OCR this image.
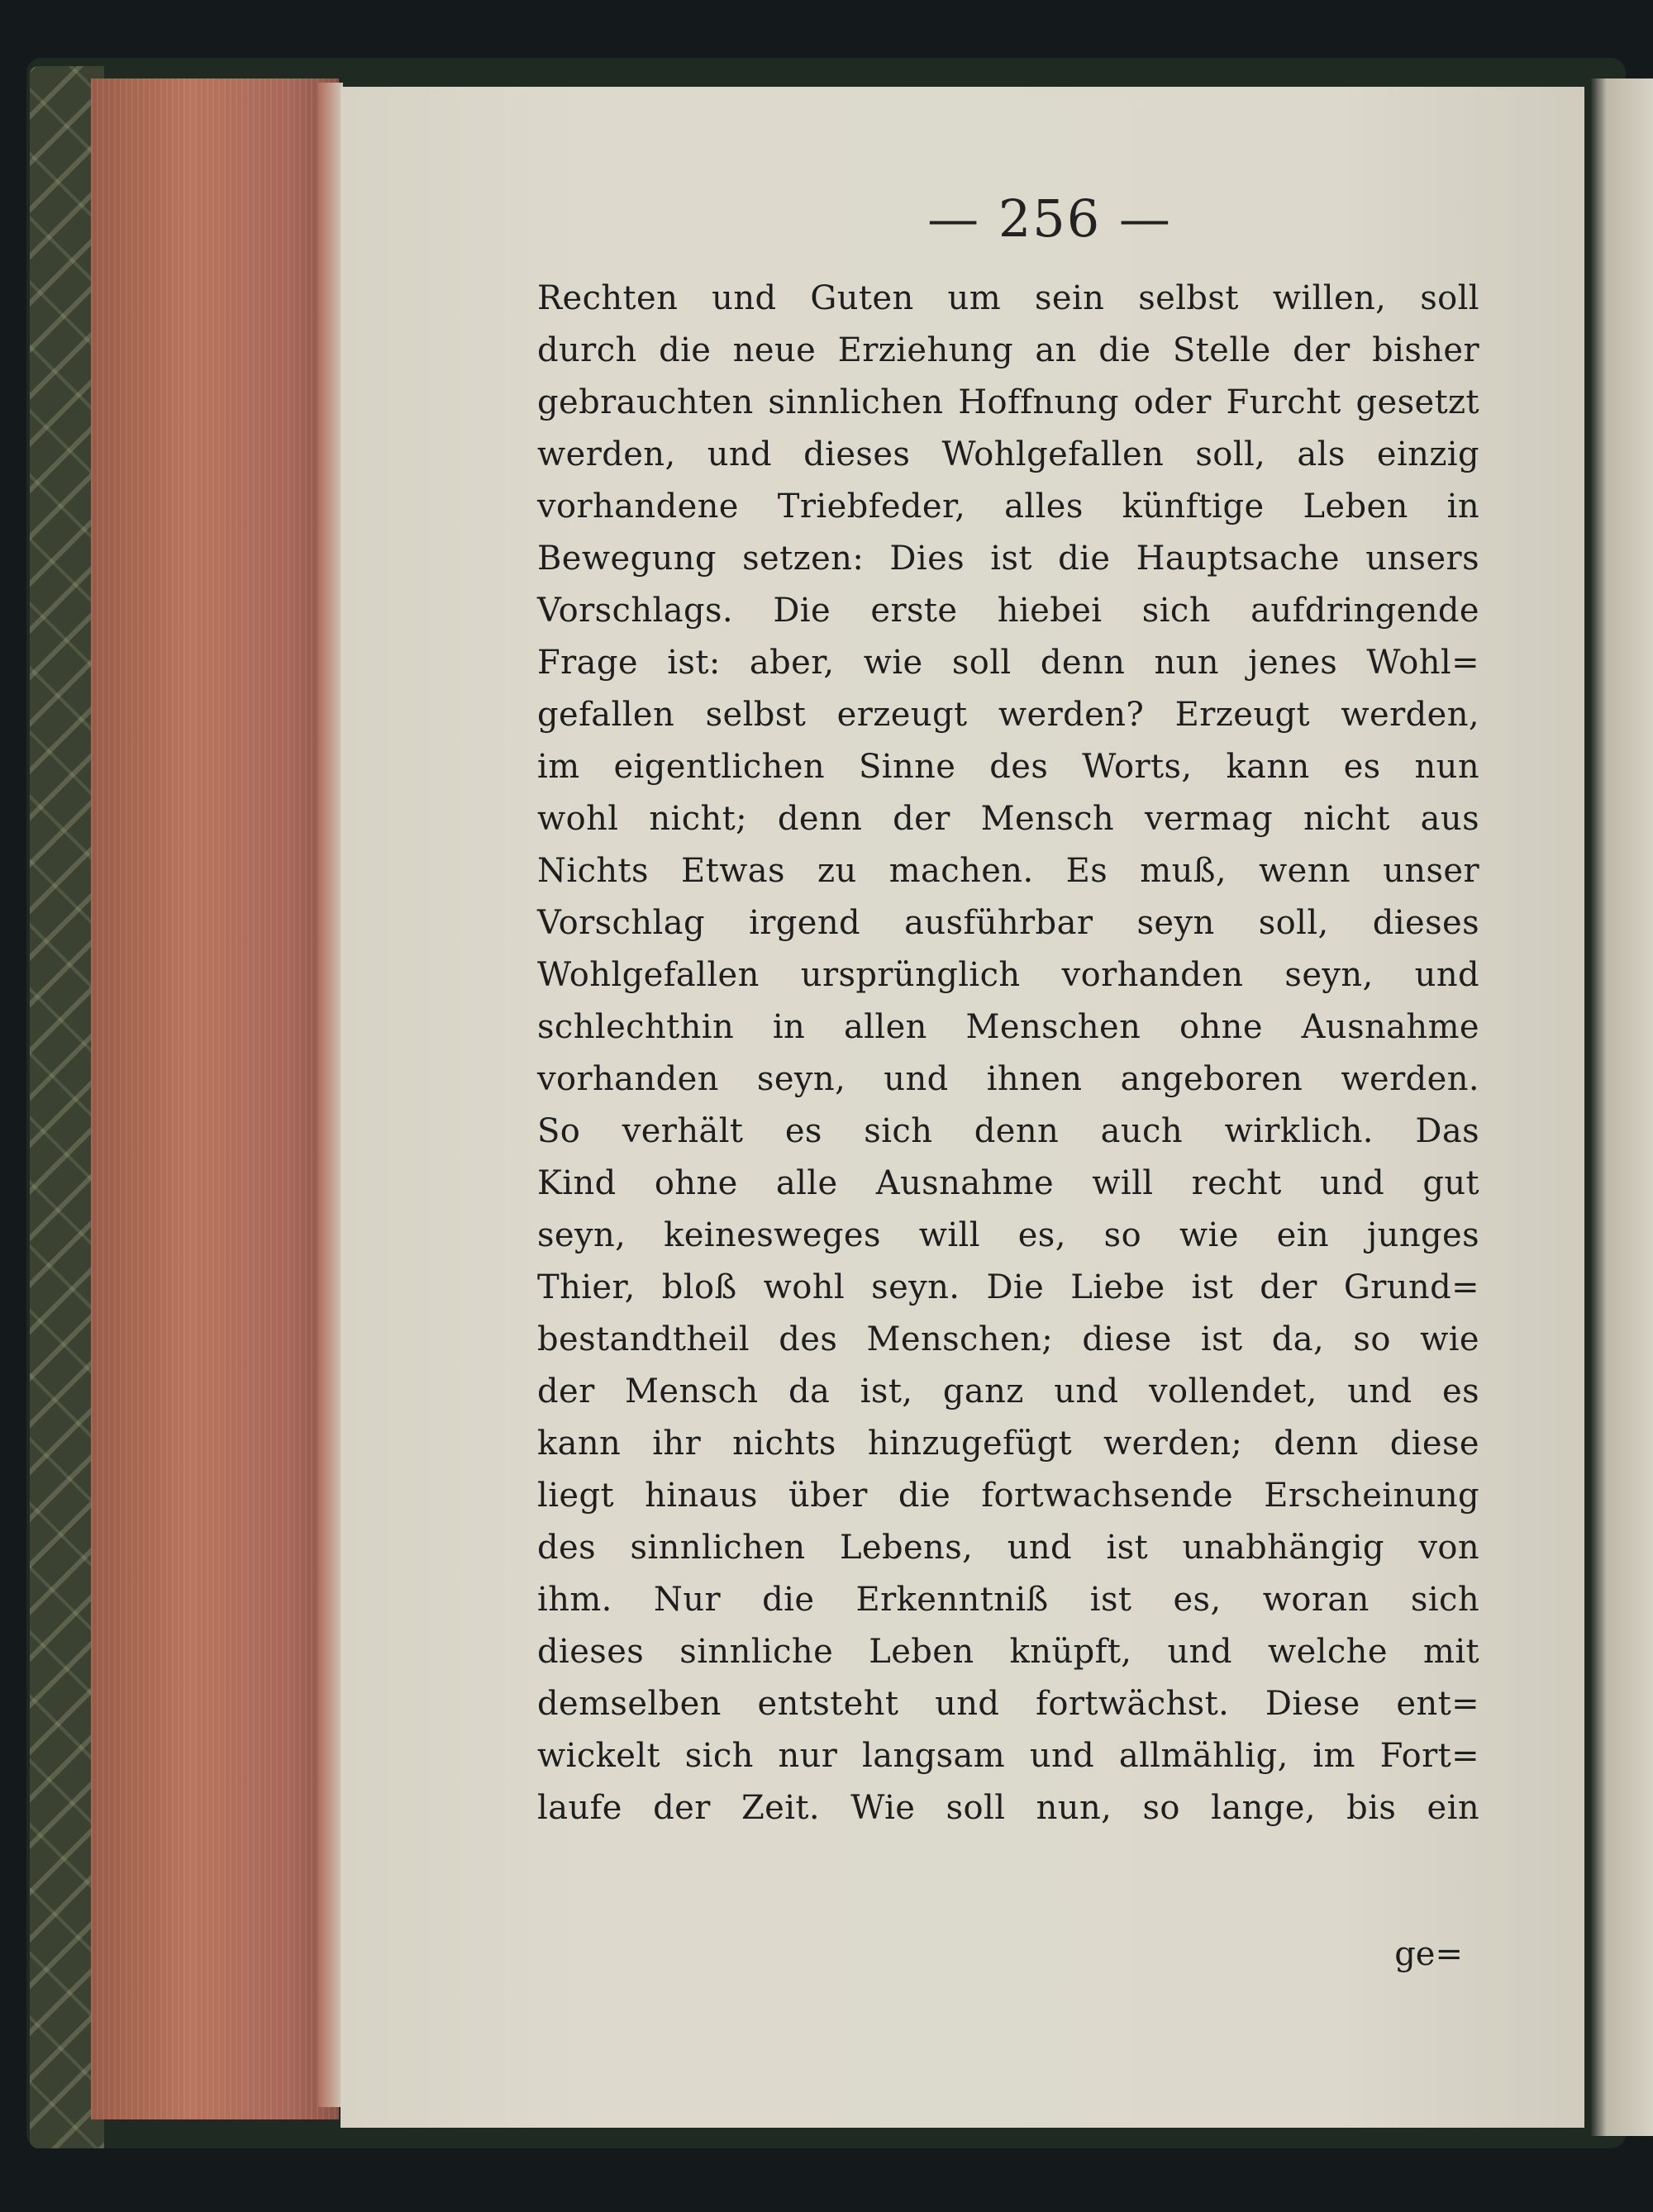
— 256 —
Rechten und Guten um sein selbst willen, soll
durch die neue Erziehung an die Stelle der bisher
gebrauchten sinnlichen Hoffnung oder Furcht gesetzt
werden, und dieses Wohlgefallen soll, als einzig
vorhandene Triebfeder, alles künftige Leben in
Bewegung setzen: Dies ist die Hauptsache unsers
Vorschlags. Die erste hiebei sich aufdringende
Frage ist: aber, wie soll denn nun jenes Wohl=
gefallen selbst erzeugt werden? Erzeugt werden,
im eigentlichen Sinne des Worts, kann es nun
wohl nicht; denn der Mensch vermag nicht aus
Nichts Etwas zu machen. Es muß, wenn unser
Vorschlag irgend ausführbar seyn soll, dieses
Wohlgefallen ursprünglich vorhanden seyn, und
schlechthin in allen Menschen ohne Ausnahme
vorhanden seyn, und ihnen angeboren werden.
So verhält es sich denn auch wirklich. Das
Kind ohne alle Ausnahme will recht und gut
seyn, keinesweges will es, so wie ein junges
Thier, bloß wohl seyn. Die Liebe ist der Grund=
bestandtheil des Menschen; diese ist da, so wie
der Mensch da ist, ganz und vollendet, und es
kann ihr nichts hinzugefügt werden; denn diese
liegt hinaus über die fortwachsende Erscheinung
des sinnlichen Lebens, und ist unabhängig von
ihm. Nur die Erkenntniß ist es, woran sich
dieses sinnliche Leben knüpft, und welche mit
demselben entsteht und fortwächst. Diese ent=
wickelt sich nur langsam und allmählig, im Fort=
laufe der Zeit. Wie soll nun, so lange, bis ein
ge=
